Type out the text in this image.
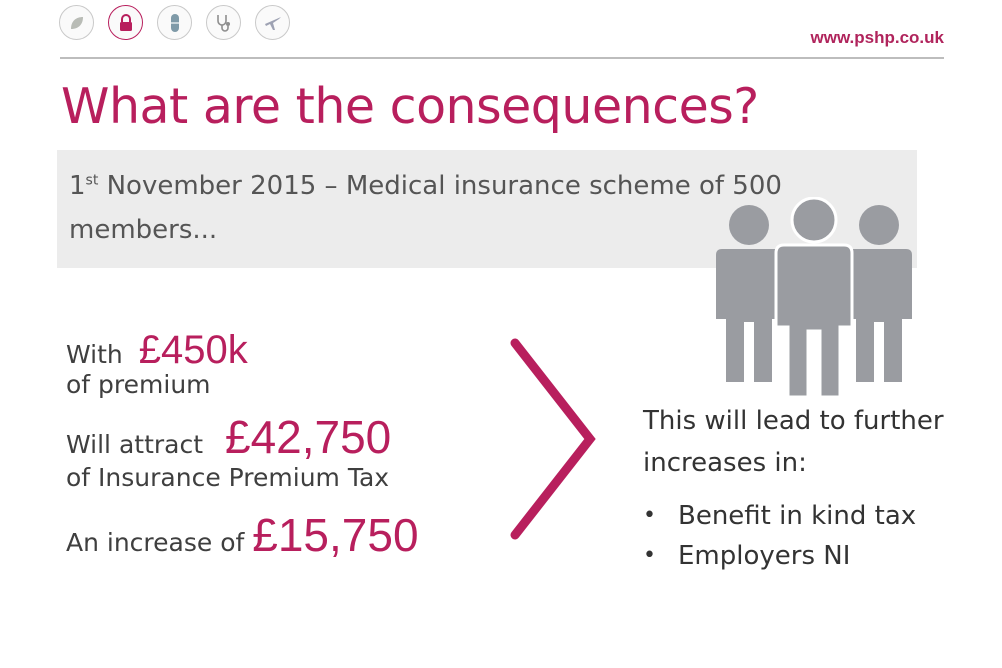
www.pshp.co.uk
What are the consequences?
1st November 2015 – Medical insurance scheme of 500 members...
With £450k
of premium
Will attract £42,750
of Insurance Premium Tax
An increase of £15,750
This will lead to further increases in:
• Benefit in kind tax
• Employers NI
